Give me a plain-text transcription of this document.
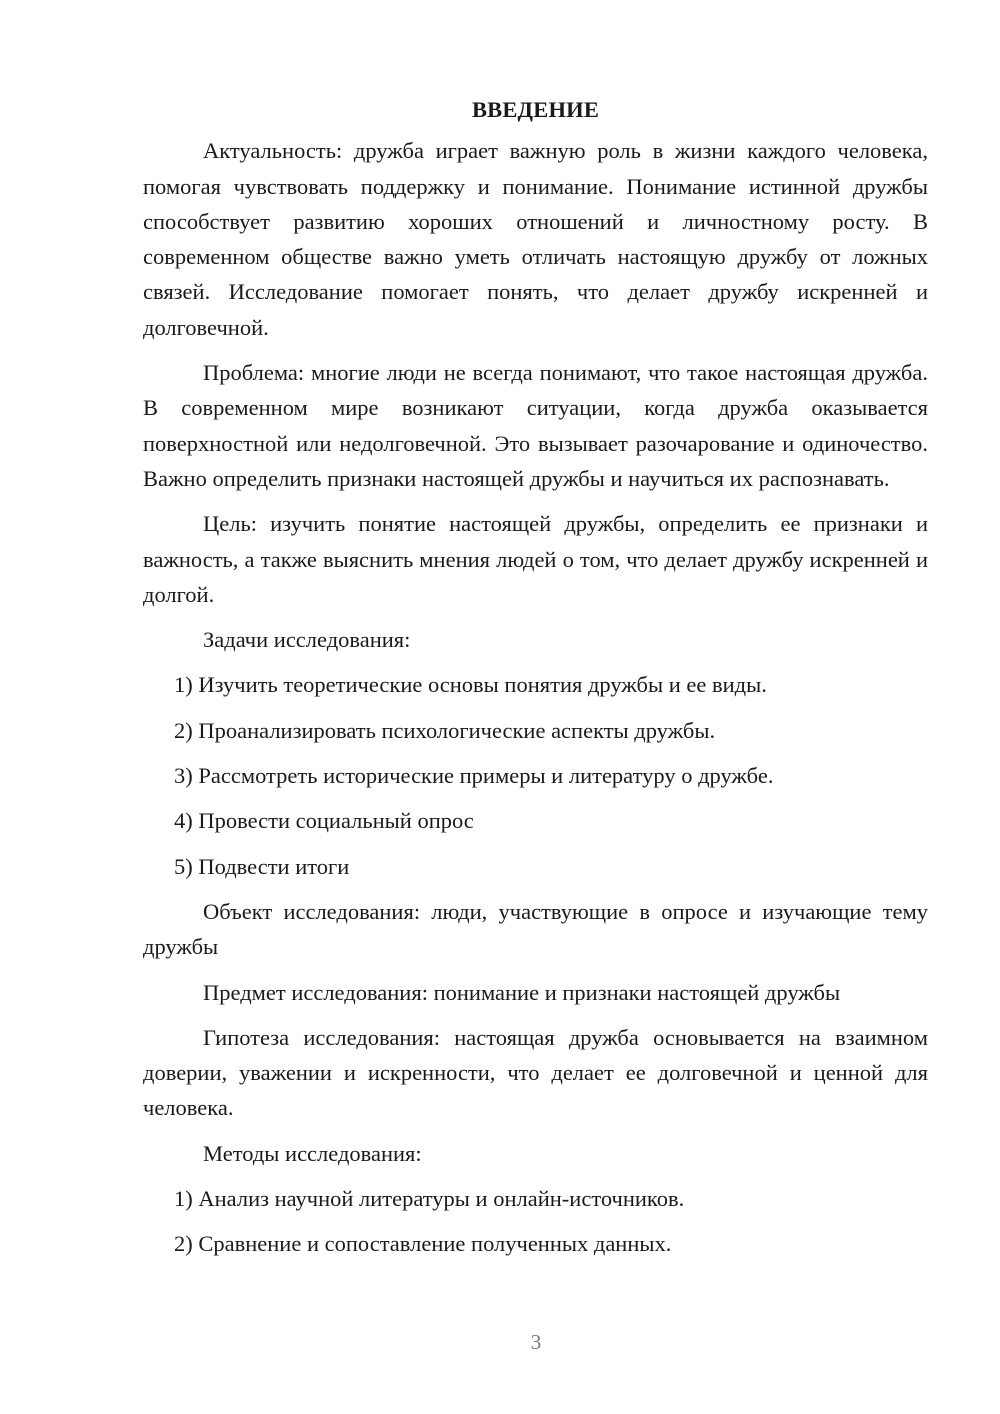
ВВЕДЕНИЕ

Актуальность: дружба играет важную роль в жизни каждого человека, помогая чувствовать поддержку и понимание. Понимание истинной дружбы способствует развитию хороших отношений и личностному росту. В современном обществе важно уметь отличать настоящую дружбу от ложных связей. Исследование помогает понять, что делает дружбу искренней и долговечной.

Проблема: многие люди не всегда понимают, что такое настоящая дружба. В современном мире возникают ситуации, когда дружба оказывается поверхностной или недолговечной. Это вызывает разочарование и одиночество. Важно определить признаки настоящей дружбы и научиться их распознавать.

Цель: изучить понятие настоящей дружбы, определить ее признаки и важность, а также выяснить мнения людей о том, что делает дружбу искренней и долгой.

Задачи исследования:

1) Изучить теоретические основы понятия дружбы и ее виды.

2) Проанализировать психологические аспекты дружбы.

3) Рассмотреть исторические примеры и литературу о дружбе.

4) Провести социальный опрос

5) Подвести итоги

Объект исследования: люди, участвующие в опросе и изучающие тему дружбы

Предмет исследования: понимание и признаки настоящей дружбы

Гипотеза исследования: настоящая дружба основывается на взаимном доверии, уважении и искренности, что делает ее долговечной и ценной для человека.

Методы исследования:

1) Анализ научной литературы и онлайн-источников.

2) Сравнение и сопоставление полученных данных.

3
